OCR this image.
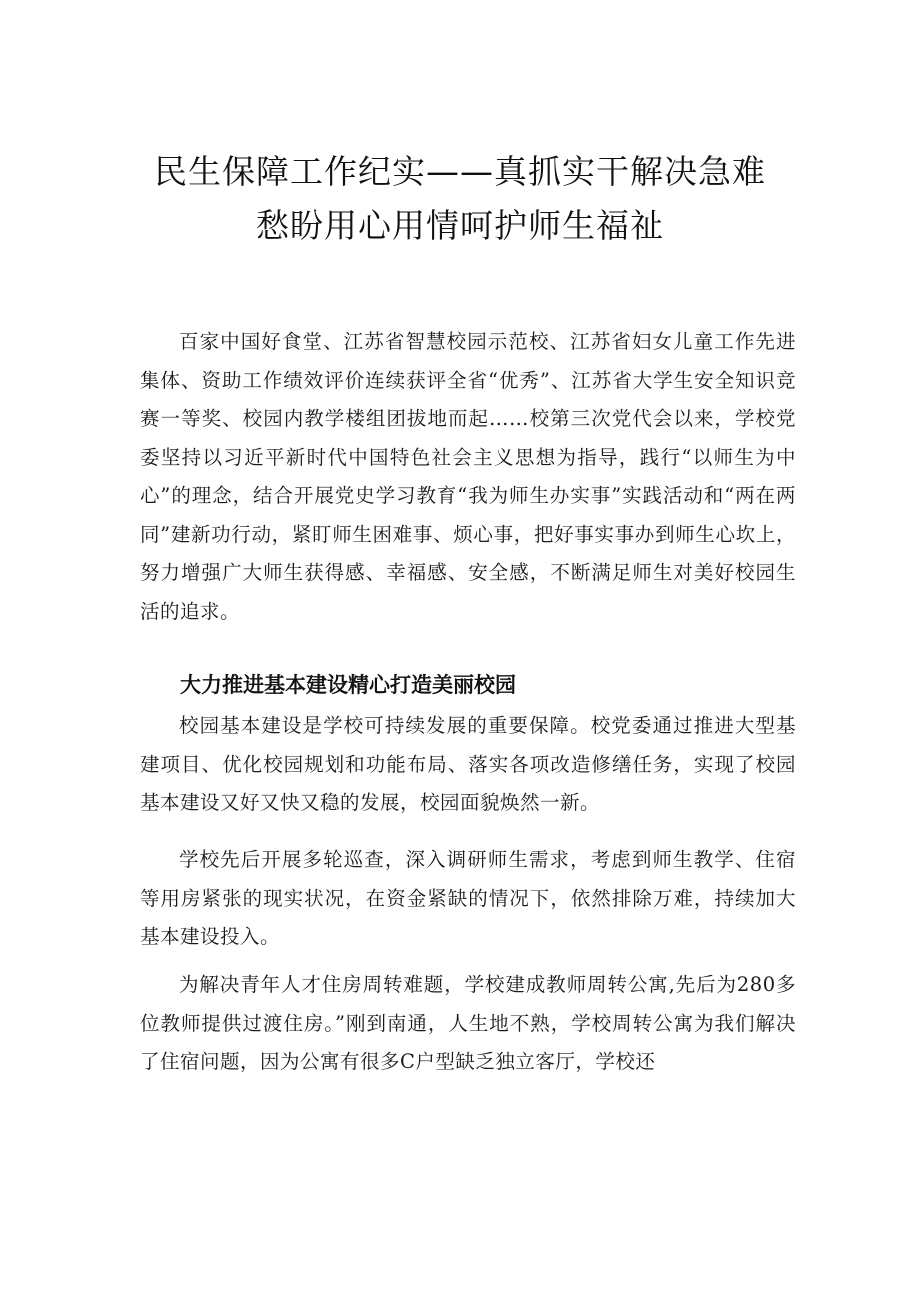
民生保障工作纪实——真抓实干解决急难
愁盼用心用情呵护师生福祉

百家中国好食堂、江苏省智慧校园示范校、江苏省妇女儿童工作先进集体、资助工作绩效评价连续获评全省“优秀”、江苏省大学生安全知识竞赛一等奖、校园内教学楼组团拔地而起……校第三次党代会以来，学校党委坚持以习近平新时代中国特色社会主义思想为指导，践行“以师生为中心”的理念，结合开展党史学习教育“我为师生办实事”实践活动和“两在两同”建新功行动，紧盯师生困难事、烦心事，把好事实事办到师生心坎上，努力增强广大师生获得感、幸福感、安全感，不断满足师生对美好校园生活的追求。

大力推进基本建设精心打造美丽校园

校园基本建设是学校可持续发展的重要保障。校党委通过推进大型基建项目、优化校园规划和功能布局、落实各项改造修缮任务，实现了校园基本建设又好又快又稳的发展，校园面貌焕然一新。

学校先后开展多轮巡查，深入调研师生需求，考虑到师生教学、住宿等用房紧张的现实状况，在资金紧缺的情况下，依然排除万难，持续加大基本建设投入。

为解决青年人才住房周转难题，学校建成教师周转公寓,先后为280多位教师提供过渡住房。”刚到南通，人生地不熟，学校周转公寓为我们解决了住宿问题，因为公寓有很多C户型缺乏独立客厅，学校还
